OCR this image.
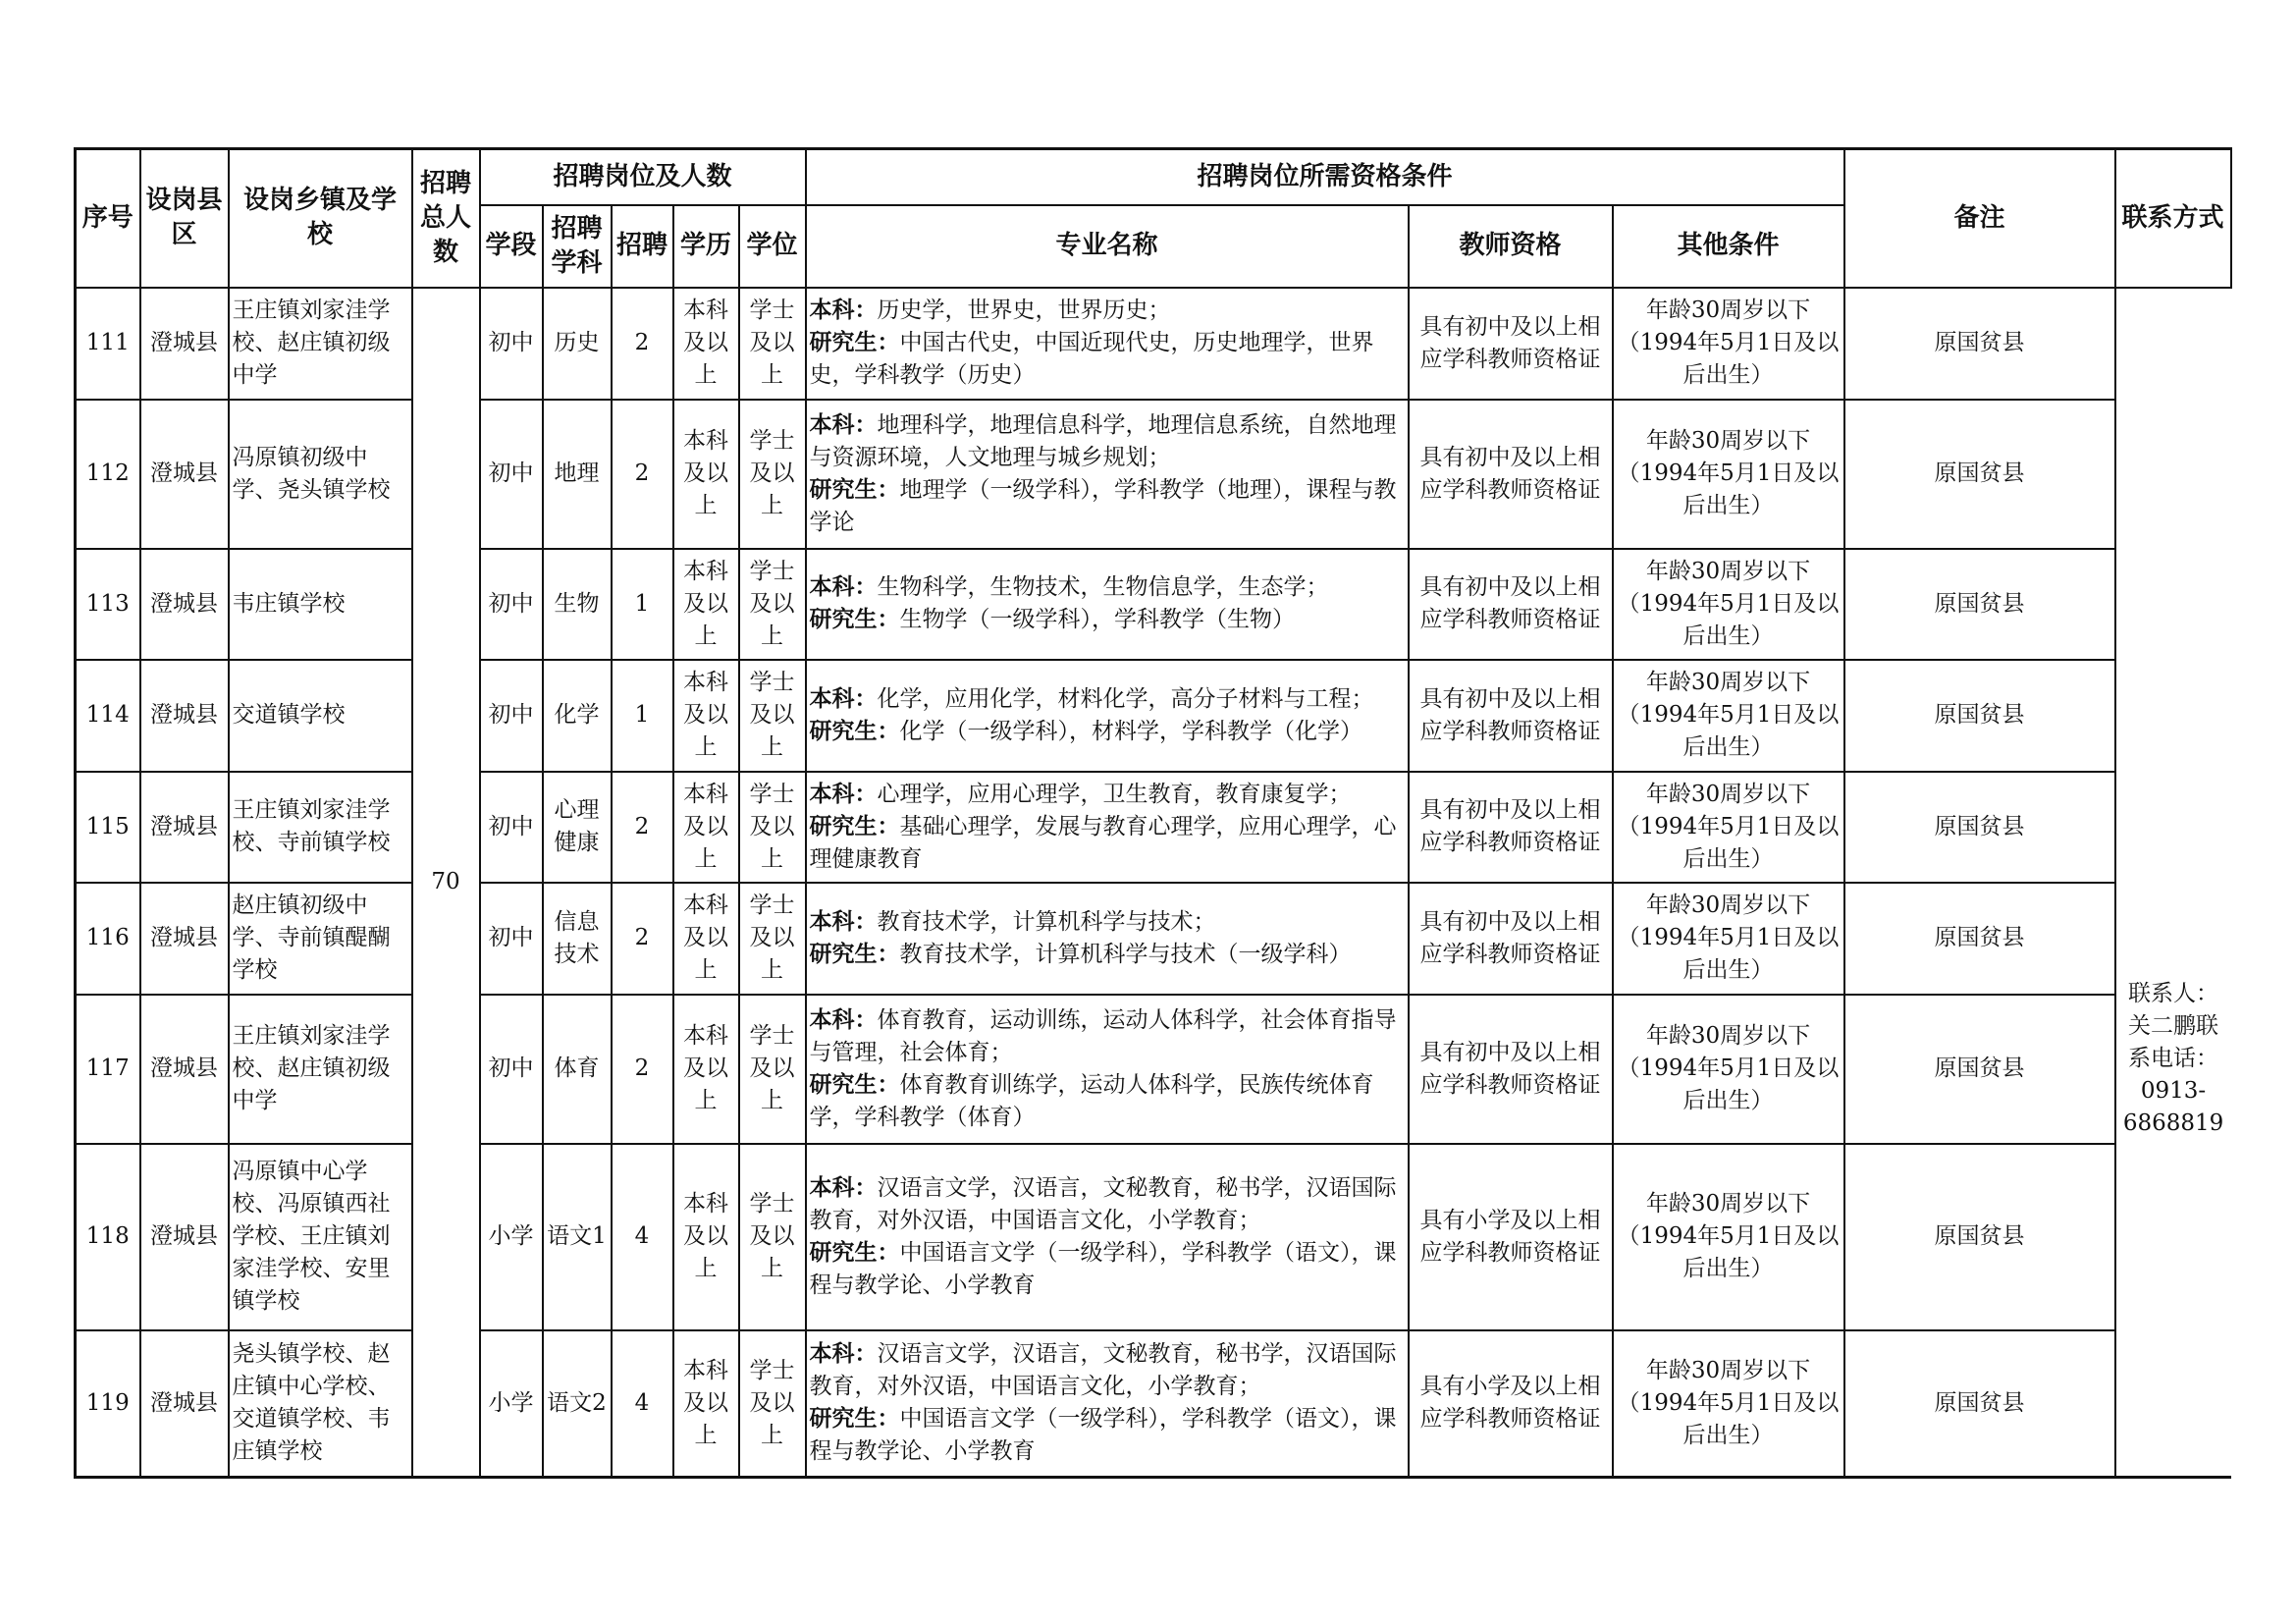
序号	设岗县区	设岗乡镇及学校	招聘总人数	招聘岗位及人数					招聘岗位所需资格条件			备注	联系方式
				学段	招聘学科	招聘	学历	学位	专业名称	教师资格	其他条件		
111	澄城县	王庄镇刘家洼学校、赵庄镇初级中学	70	初中	历史	2	本科及以上	学士及以上	本科：历史学，世界史，世界历史；
研究生：中国古代史，中国近现代史，历史地理学，世界史，学科教学（历史）	具有初中及以上相应学科教师资格证	年龄30周岁以下（1994年5月1日及以后出生）	原国贫县	联系人：关二鹏联系电话：0913-6868819
112	澄城县	冯原镇初级中学、尧头镇学校		初中	地理	2	本科及以上	学士及以上	本科：地理科学，地理信息科学，地理信息系统，自然地理与资源环境，人文地理与城乡规划；
研究生：地理学（一级学科），学科教学（地理），课程与教学论	具有初中及以上相应学科教师资格证	年龄30周岁以下（1994年5月1日及以后出生）	原国贫县	
113	澄城县	韦庄镇学校		初中	生物	1	本科及以上	学士及以上	本科：生物科学，生物技术，生物信息学，生态学；
研究生：生物学（一级学科），学科教学（生物）	具有初中及以上相应学科教师资格证	年龄30周岁以下（1994年5月1日及以后出生）	原国贫县	
114	澄城县	交道镇学校		初中	化学	1	本科及以上	学士及以上	本科：化学，应用化学，材料化学，高分子材料与工程；
研究生：化学（一级学科），材料学，学科教学（化学）	具有初中及以上相应学科教师资格证	年龄30周岁以下（1994年5月1日及以后出生）	原国贫县	
115	澄城县	王庄镇刘家洼学校、寺前镇学校		初中	心理健康	2	本科及以上	学士及以上	本科：心理学，应用心理学，卫生教育，教育康复学；
研究生：基础心理学，发展与教育心理学，应用心理学，心理健康教育	具有初中及以上相应学科教师资格证	年龄30周岁以下（1994年5月1日及以后出生）	原国贫县	
116	澄城县	赵庄镇初级中学、寺前镇醍醐学校		初中	信息技术	2	本科及以上	学士及以上	本科：教育技术学，计算机科学与技术；
研究生：教育技术学，计算机科学与技术（一级学科）	具有初中及以上相应学科教师资格证	年龄30周岁以下（1994年5月1日及以后出生）	原国贫县	
117	澄城县	王庄镇刘家洼学校、赵庄镇初级中学		初中	体育	2	本科及以上	学士及以上	本科：体育教育，运动训练，运动人体科学，社会体育指导与管理，社会体育；
研究生：体育教育训练学，运动人体科学，民族传统体育学，学科教学（体育）	具有初中及以上相应学科教师资格证	年龄30周岁以下（1994年5月1日及以后出生）	原国贫县	
118	澄城县	冯原镇中心学校、冯原镇西社学校、王庄镇刘家洼学校、安里镇学校		小学	语文1	4	本科及以上	学士及以上	本科：汉语言文学，汉语言，文秘教育，秘书学，汉语国际教育，对外汉语，中国语言文化，小学教育；
研究生：中国语言文学（一级学科），学科教学（语文），课程与教学论、小学教育	具有小学及以上相应学科教师资格证	年龄30周岁以下（1994年5月1日及以后出生）	原国贫县	
119	澄城县	尧头镇学校、赵庄镇中心学校、交道镇学校、韦庄镇学校		小学	语文2	4	本科及以上	学士及以上	本科：汉语言文学，汉语言，文秘教育，秘书学，汉语国际教育，对外汉语，中国语言文化，小学教育；
研究生：中国语言文学（一级学科），学科教学（语文），课程与教学论、小学教育	具有小学及以上相应学科教师资格证	年龄30周岁以下（1994年5月1日及以后出生）	原国贫县	
